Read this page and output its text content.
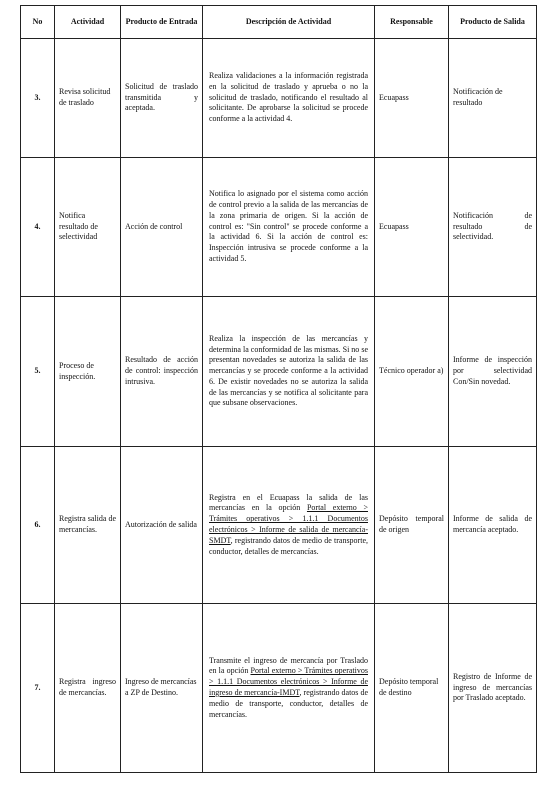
No	Actividad	Producto de Entrada	Descripción de Actividad	Responsable	Producto de Salida
3.	Revisa solicitud de traslado	Solicitud de traslado transmitida y aceptada.	Realiza validaciones a la información registrada en la solicitud de traslado y aprueba o no la solicitud de traslado, notificando el resultado al solicitante. De aprobarse la solicitud se procede conforme a la actividad 4.	Ecuapass	Notificación de resultado
4.	Notifica resultado de selectividad	Acción de control	Notifica lo asignado por el sistema como acción de control previo a la salida de las mercancías de la zona primaria de origen. Si la acción de control es: "Sin control" se procede conforme a la actividad 6. Si la acción de control es: Inspección intrusiva se procede conforme a la actividad 5.	Ecuapass	Notificación de resultado de selectividad.
5.	Proceso de inspección.	Resultado de acción de control: inspección intrusiva.	Realiza la inspección de las mercancías y determina la conformidad de las mismas. Si no se presentan novedades se autoriza la salida de las mercancías y se procede conforme a la actividad 6. De existir novedades no se autoriza la salida de las mercancías y se notifica al solicitante para que subsane observaciones.	Técnico operador a)	Informe de inspección por selectividad Con/Sin novedad.
6.	Registra salida de mercancías.	Autorización de salida	Registra en el Ecuapass la salida de las mercancías en la opción Portal externo > Trámites operativos > 1.1.1 Documentos electrónicos > Informe de salida de mercancía-SMDT, registrando datos de medio de transporte, conductor, detalles de mercancías.	Depósito temporal de origen	Informe de salida de mercancía aceptado.
7.	Registra ingreso de mercancías.	Ingreso de mercancías a ZP de Destino.	Transmite el ingreso de mercancía por Traslado en la opción Portal externo > Trámites operativos > 1.1.1 Documentos electrónicos > Informe de ingreso de mercancía-IMDT, registrando datos de medio de transporte, conductor, detalles de mercancías.	Depósito temporal de destino	Registro de Informe de ingreso de mercancías por Traslado aceptado.
